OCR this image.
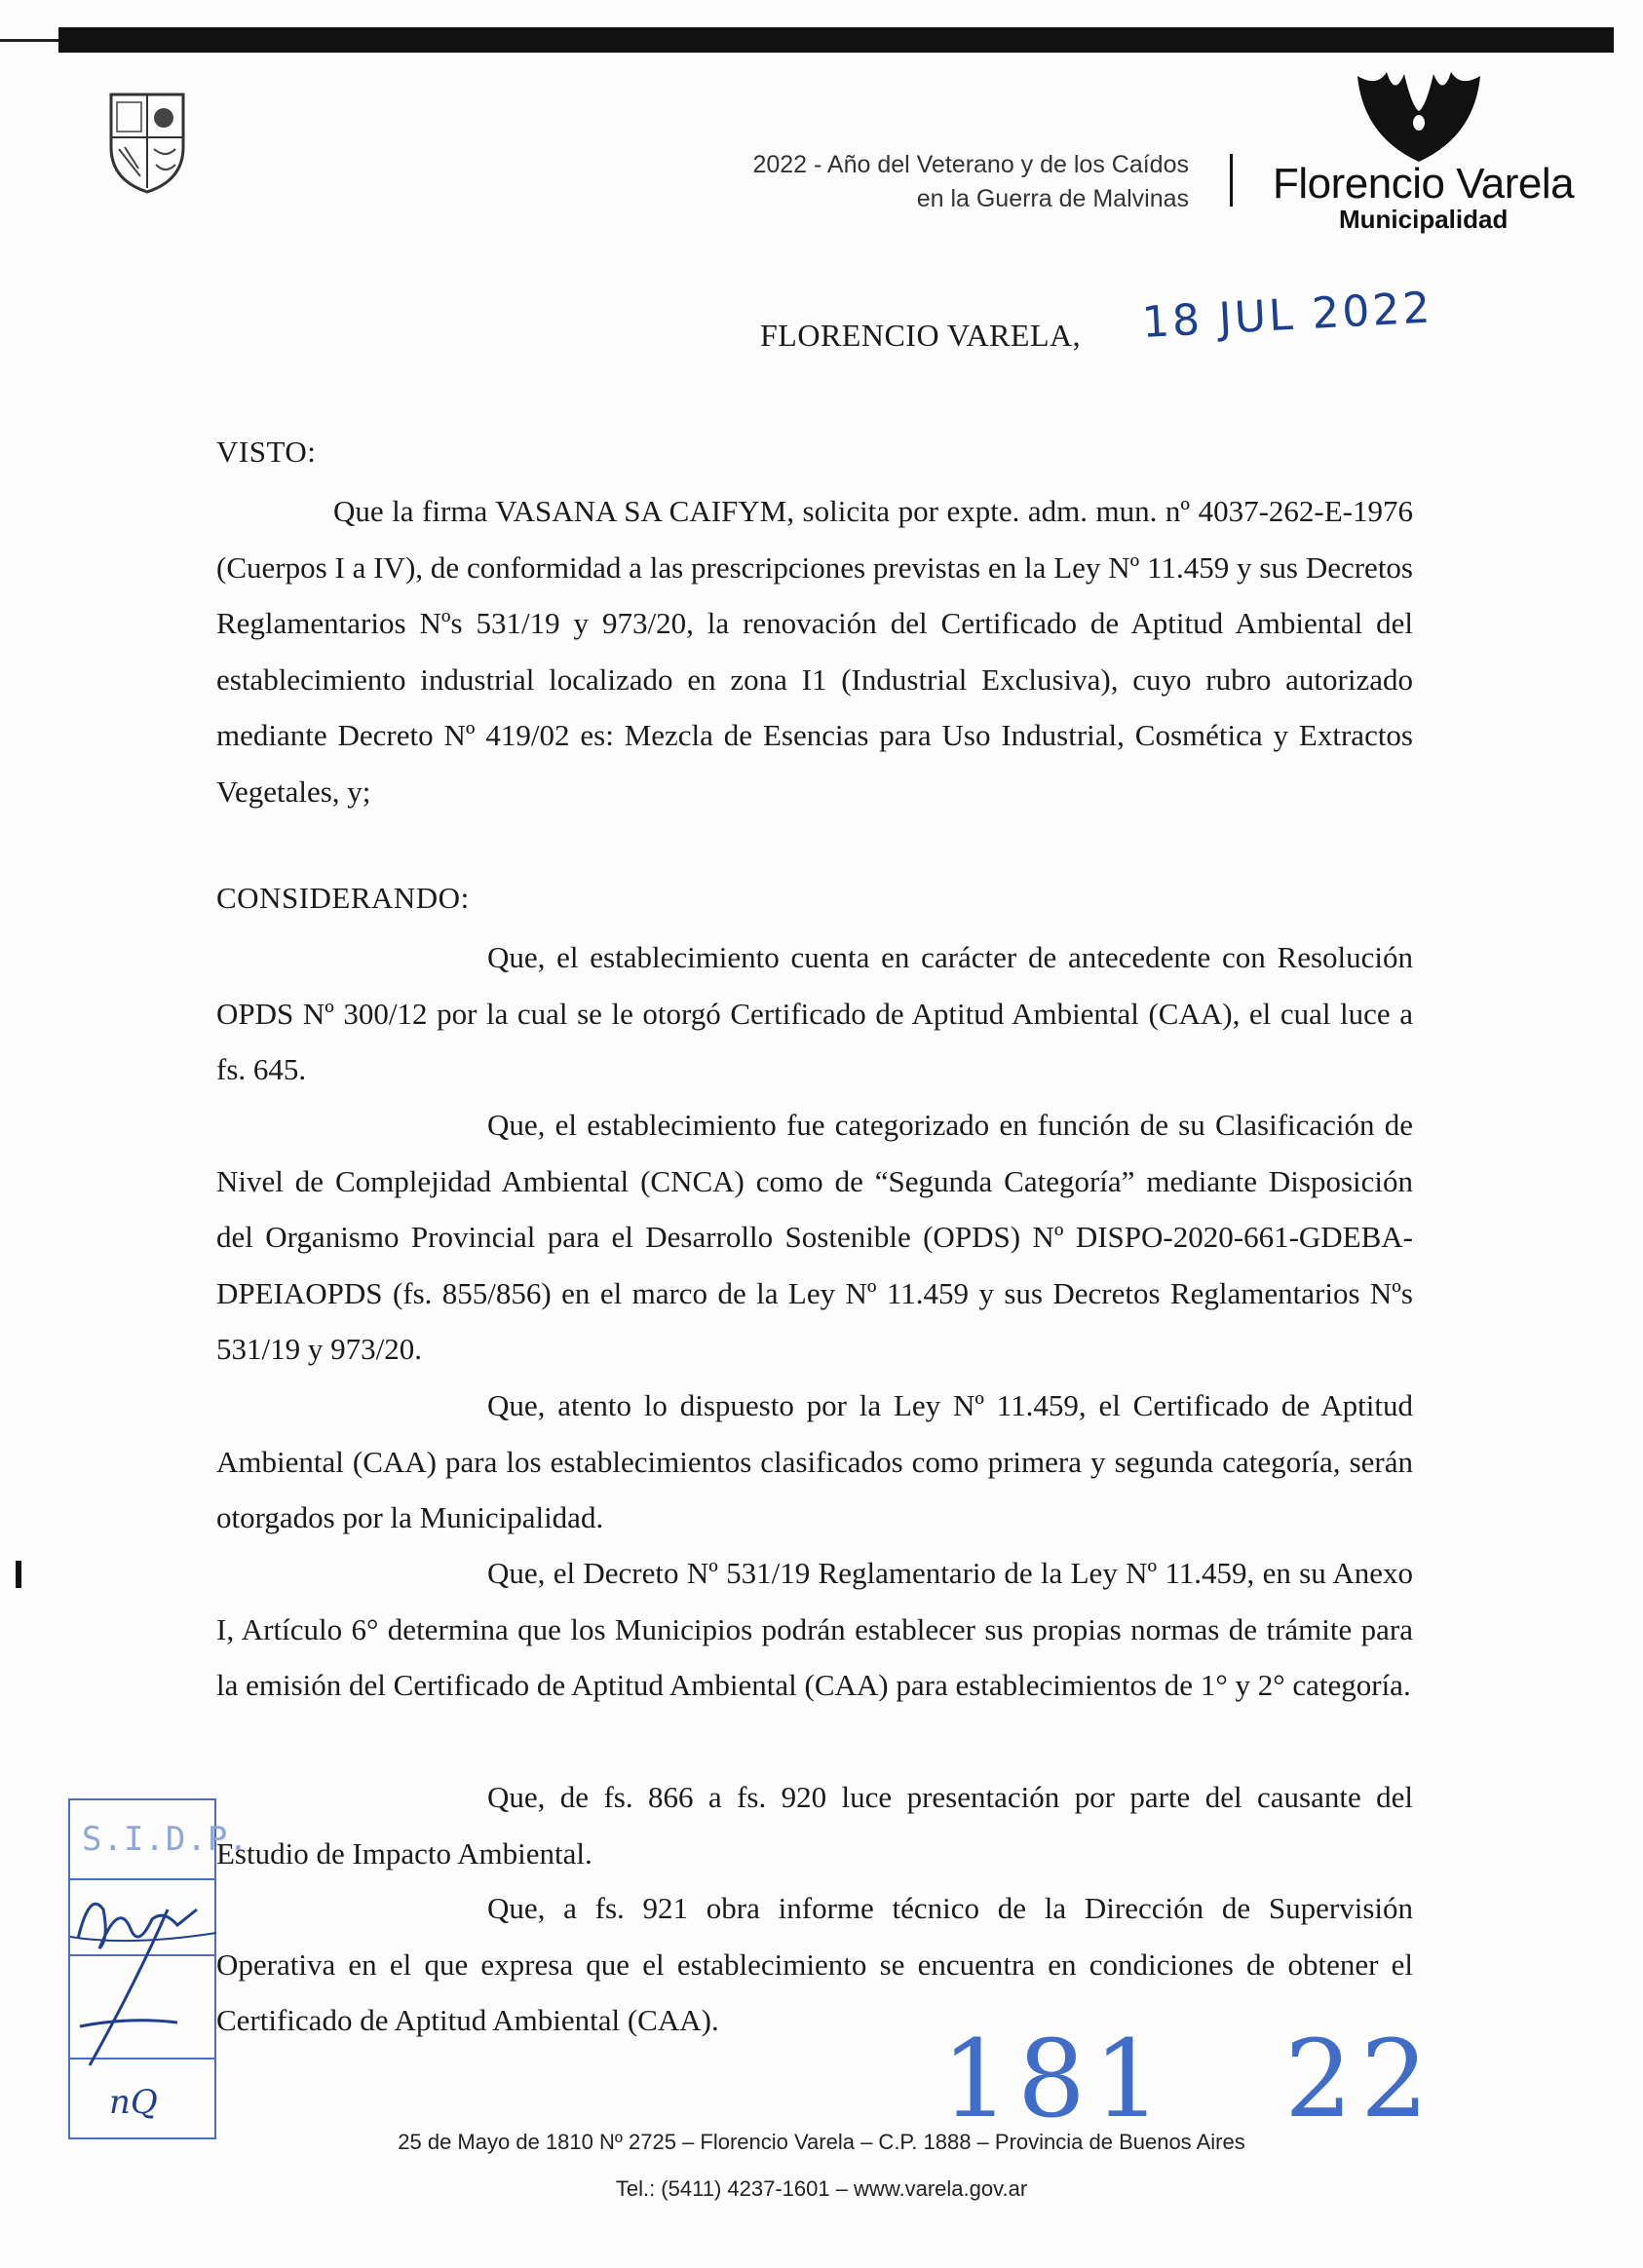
2022 - Año del Veterano y de los Caídos
en la Guerra de Malvinas Florencio Varela
Municipalidad
FLORENCIO VARELA, 18 JUL 2022
VISTO:
Que la firma VASANA SA CAIFYM, solicita por expte. adm. mun. nº 4037-262-E-1976 (Cuerpos I a IV), de conformidad a las prescripciones previstas en la Ley Nº 11.459 y sus Decretos Reglamentarios Nºs 531/19 y 973/20, la renovación del Certificado de Aptitud Ambiental del establecimiento industrial localizado en zona I1 (Industrial Exclusiva), cuyo rubro autorizado mediante Decreto Nº 419/02 es: Mezcla de Esencias para Uso Industrial, Cosmética y Extractos Vegetales, y;
CONSIDERANDO:
Que, el establecimiento cuenta en carácter de antecedente con Resolución OPDS Nº 300/12 por la cual se le otorgó Certificado de Aptitud Ambiental (CAA), el cual luce a fs. 645.
Que, el establecimiento fue categorizado en función de su Clasificación de Nivel de Complejidad Ambiental (CNCA) como de “Segunda Categoría” mediante Disposición del Organismo Provincial para el Desarrollo Sostenible (OPDS) Nº DISPO-2020-661-GDEBA-DPEIAOPDS (fs. 855/856) en el marco de la Ley Nº 11.459 y sus Decretos Reglamentarios Nºs 531/19 y 973/20.
Que, atento lo dispuesto por la Ley Nº 11.459, el Certificado de Aptitud Ambiental (CAA) para los establecimientos clasificados como primera y segunda categoría, serán otorgados por la Municipalidad.
Que, el Decreto Nº 531/19 Reglamentario de la Ley Nº 11.459, en su Anexo I, Artículo 6° determina que los Municipios podrán establecer sus propias normas de trámite para la emisión del Certificado de Aptitud Ambiental (CAA) para establecimientos de 1° y 2° categoría.
Que, de fs. 866 a fs. 920 luce presentación por parte del causante del Estudio de Impacto Ambiental.
Que, a fs. 921 obra informe técnico de la Dirección de Supervisión Operativa en el que expresa que el establecimiento se encuentra en condiciones de obtener el Certificado de Aptitud Ambiental (CAA).
S.I.D.P.
nQ	181 22
25 de Mayo de 1810 Nº 2725 – Florencio Varela – C.P. 1888 – Provincia de Buenos Aires
Tel.: (5411) 4237-1601 – www.varela.gov.ar
